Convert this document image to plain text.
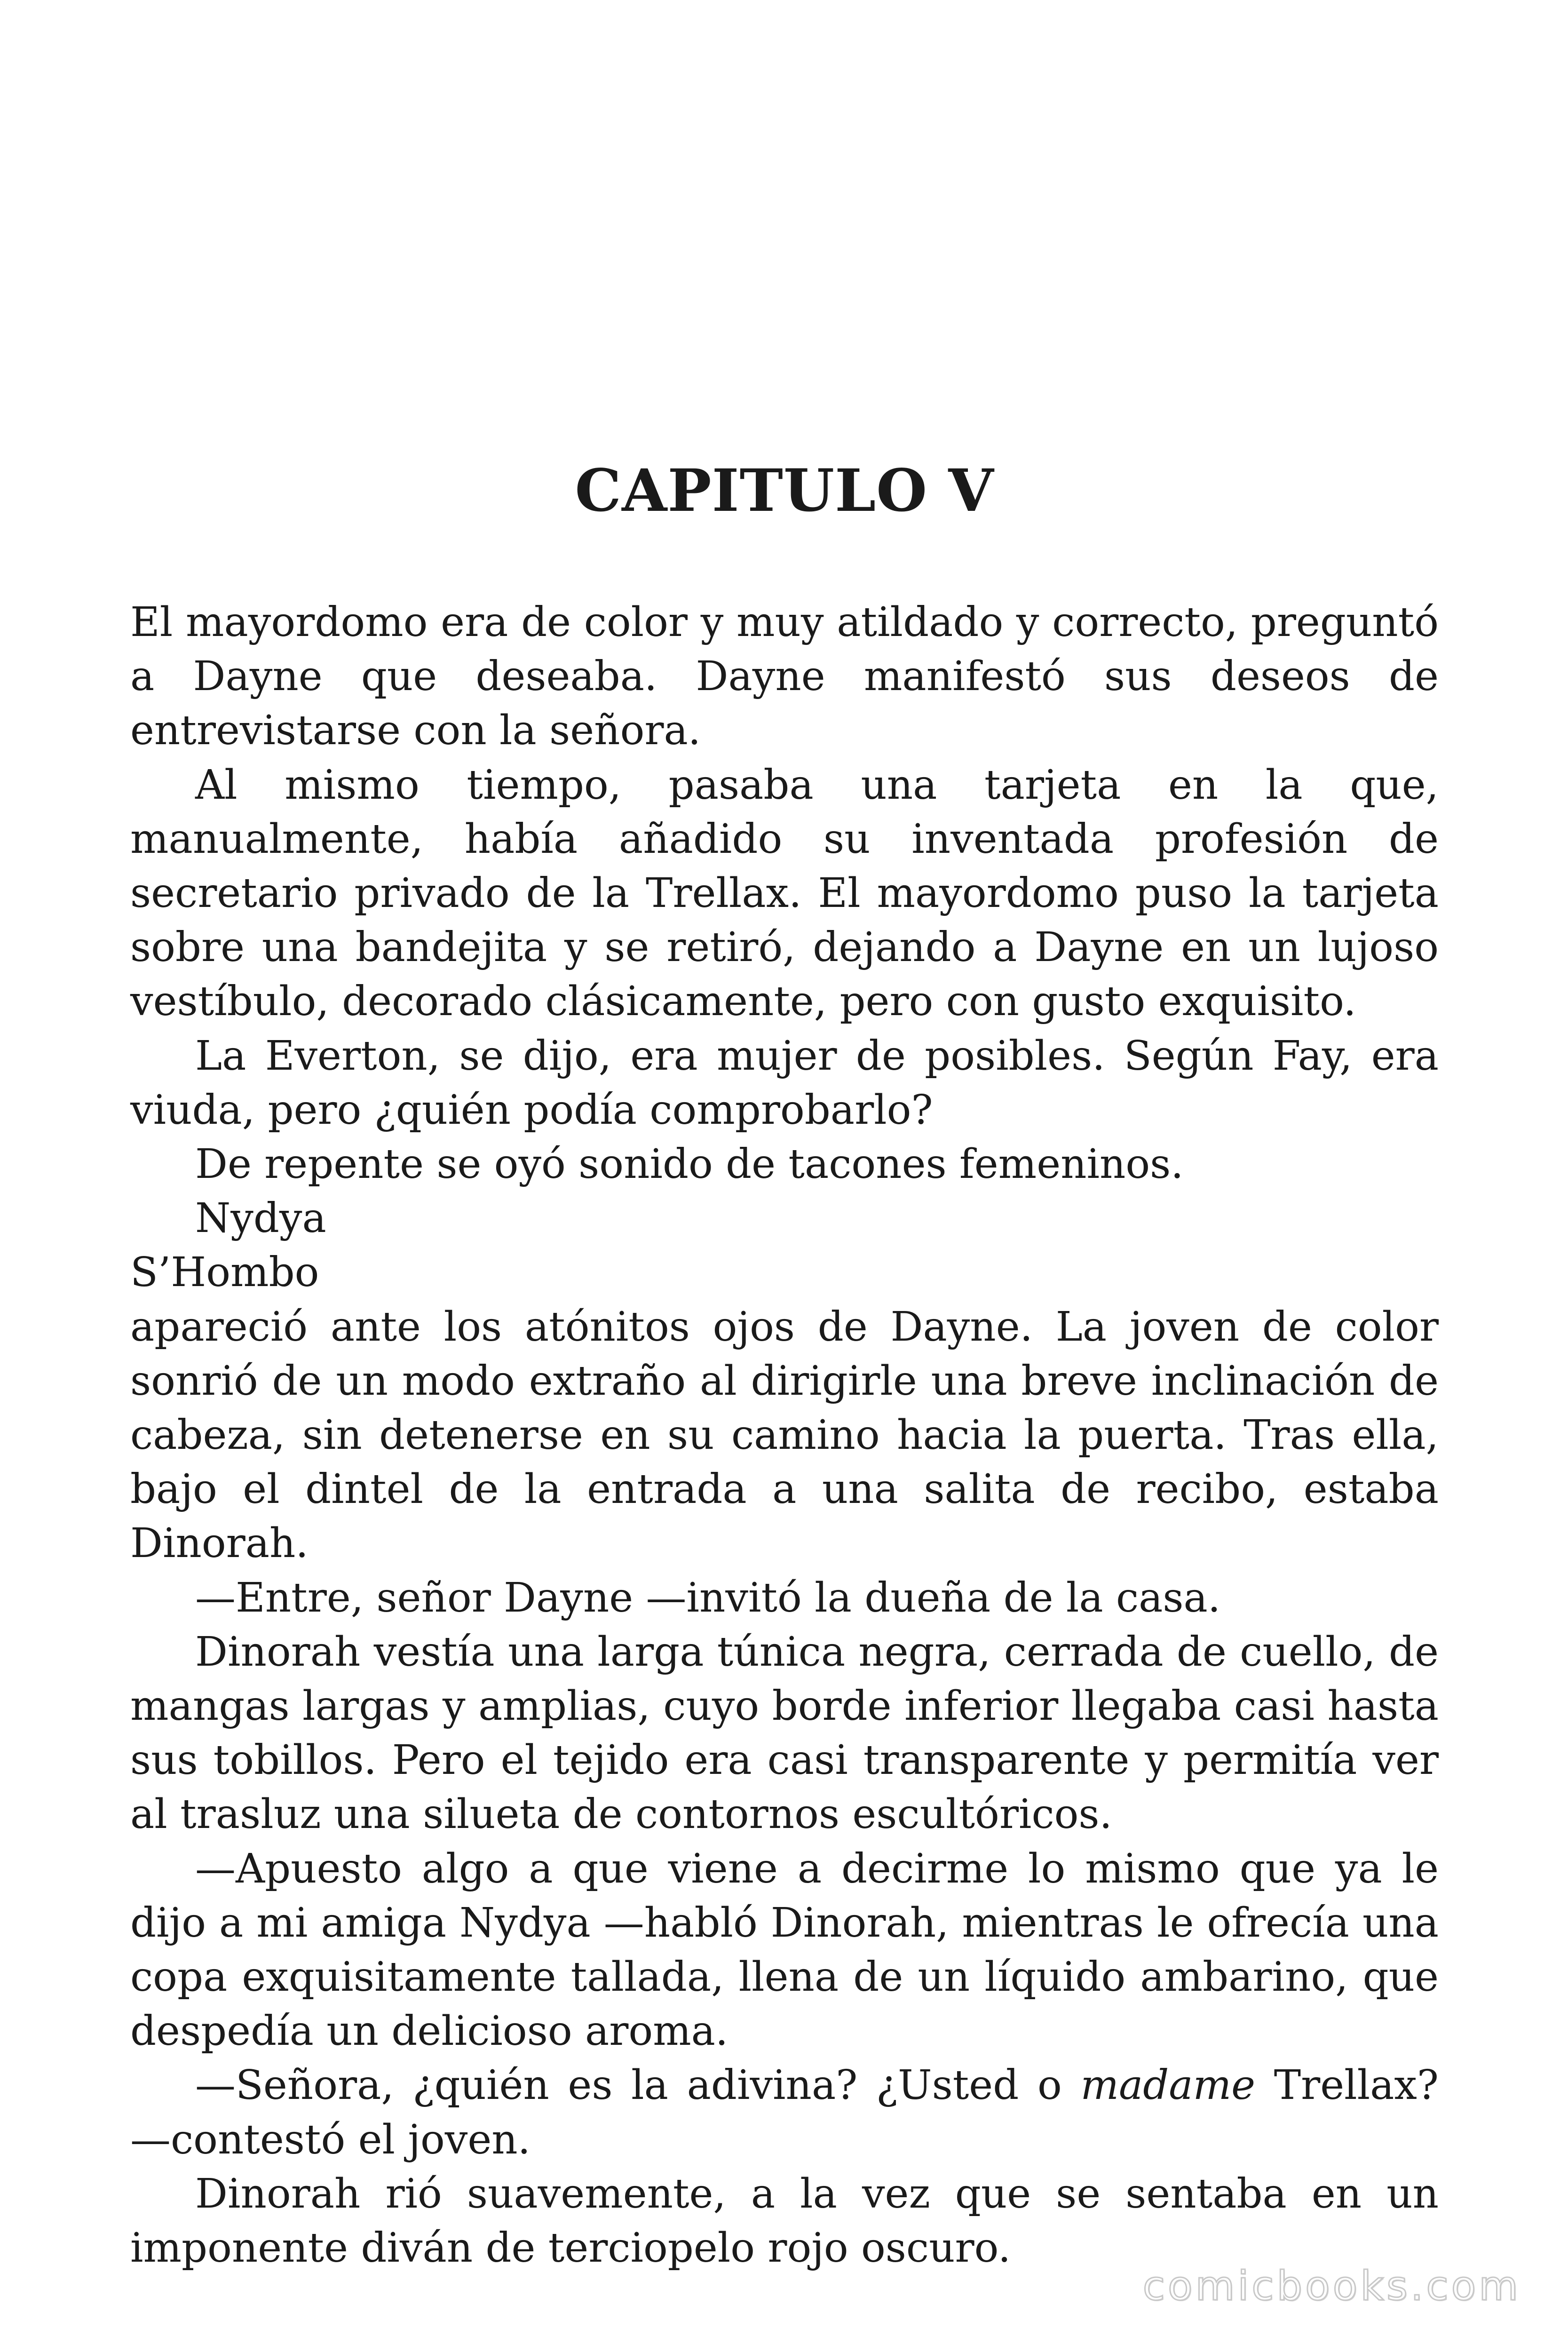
CAPITULO V

El mayordomo era de color y muy atildado y correcto, preguntó a Dayne que deseaba. Dayne manifestó sus deseos de entrevistarse con la señora.

Al mismo tiempo, pasaba una tarjeta en la que, manualmente, había añadido su inventada profesión de secretario privado de la Trellax. El mayordomo puso la tarjeta sobre una bandejita y se retiró, dejando a Dayne en un lujoso vestíbulo, decorado clásicamente, pero con gusto exquisito.

La Everton, se dijo, era mujer de posibles. Según Fay, era viuda, pero ¿quién podía comprobarlo?

De repente se oyó sonido de tacones femeninos.

Nydya

S’Hombo

apareció ante los atónitos ojos de Dayne. La joven de color sonrió de un modo extraño al dirigirle una breve inclinación de cabeza, sin detenerse en su camino hacia la puerta. Tras ella, bajo el dintel de la entrada a una salita de recibo, estaba Dinorah.

—Entre, señor Dayne —invitó la dueña de la casa.

Dinorah vestía una larga túnica negra, cerrada de cuello, de mangas largas y amplias, cuyo borde inferior llegaba casi hasta sus tobillos. Pero el tejido era casi transparente y permitía ver al trasluz una silueta de contornos escultóricos.

—Apuesto algo a que viene a decirme lo mismo que ya le dijo a mi amiga Nydya —habló Dinorah, mientras le ofrecía una copa exquisitamente tallada, llena de un líquido ambarino, que despedía un delicioso aroma.

—Señora, ¿quién es la adivina? ¿Usted o madame Trellax? —contestó el joven.

Dinorah rió suavemente, a la vez que se sentaba en un imponente diván de terciopelo rojo oscuro.

comicbooks.com
